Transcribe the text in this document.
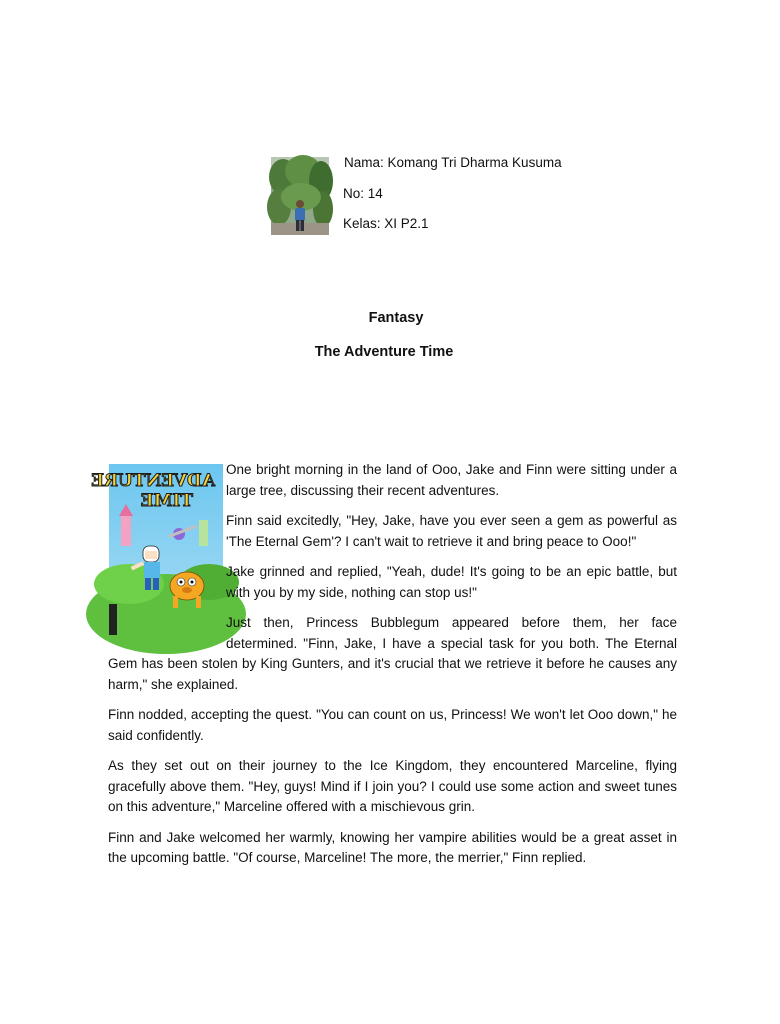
Nama: Komang Tri Dharma Kusuma
No: 14
Kelas: XI P2.1
Fantasy
The Adventure Time
ADVENTURE
TIME

One bright morning in the land of Ooo, Jake and Finn were sitting under a large tree, discussing their recent adventures.

Finn said excitedly, "Hey, Jake, have you ever seen a gem as powerful as 'The Eternal Gem'? I can't wait to retrieve it and bring peace to Ooo!"

Jake grinned and replied, "Yeah, dude! It's going to be an epic battle, but with you by my side, nothing can stop us!"

Just then, Princess Bubblegum appeared before them, her face determined. "Finn, Jake, I have a special task for you both. The Eternal Gem has been stolen by King Gunters, and it's crucial that we retrieve it before he causes any harm," she explained.

Finn nodded, accepting the quest. "You can count on us, Princess! We won't let Ooo down," he said confidently.

As they set out on their journey to the Ice Kingdom, they encountered Marceline, flying gracefully above them. "Hey, guys! Mind if I join you? I could use some action and sweet tunes on this adventure," Marceline offered with a mischievous grin.

Finn and Jake welcomed her warmly, knowing her vampire abilities would be a great asset in the upcoming battle. "Of course, Marceline! The more, the merrier," Finn replied.
